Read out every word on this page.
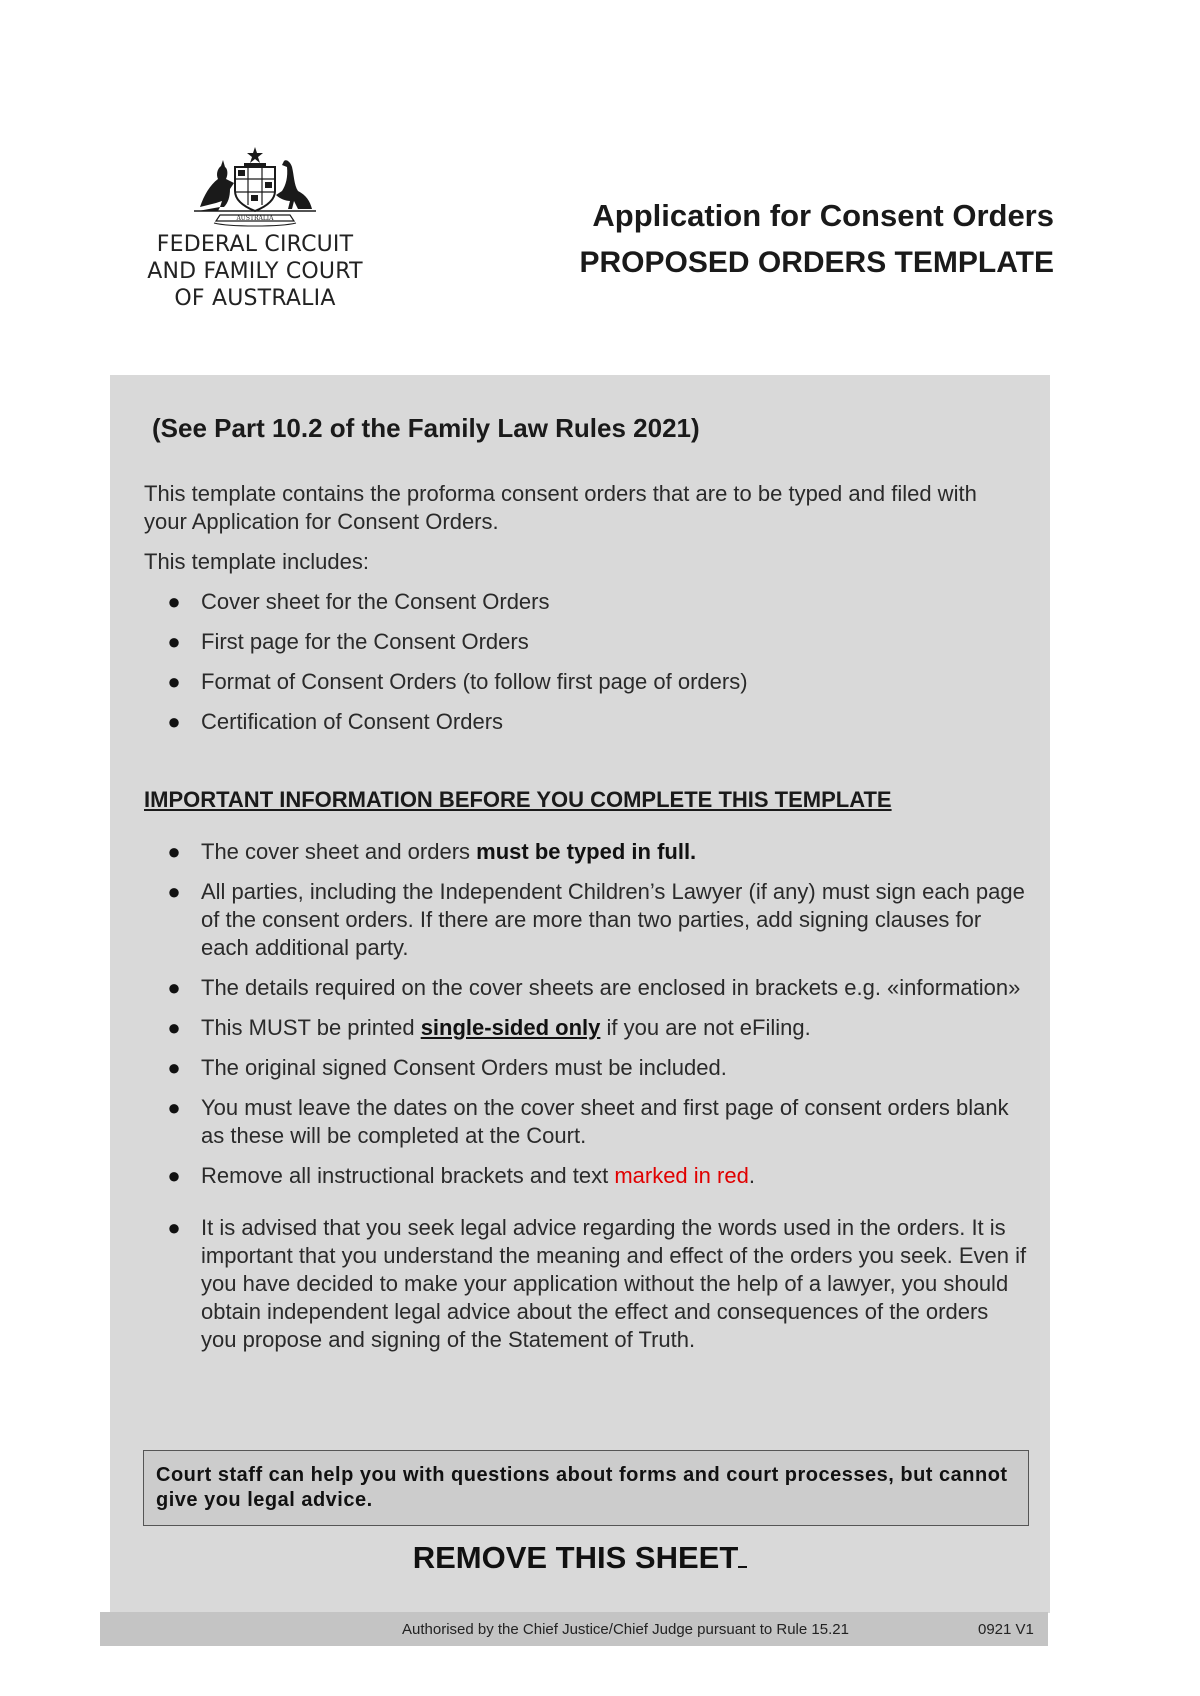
AUSTRALIA
FEDERAL CIRCUIT
AND FAMILY COURT
OF AUSTRALIA
Application for Consent Orders
PROPOSED ORDERS TEMPLATE
(See Part 10.2 of the Family Law Rules 2021)

This template contains the proforma consent orders that are to be typed and filed with your Application for Consent Orders.

This template includes:

● Cover sheet for the Consent Orders
● First page for the Consent Orders
● Format of Consent Orders (to follow first page of orders)
● Certification of Consent Orders
IMPORTANT INFORMATION BEFORE YOU COMPLETE THIS TEMPLATE
● The cover sheet and orders must be typed in full.
● All parties, including the Independent Children’s Lawyer (if any) must sign each page of the consent orders. If there are more than two parties, add signing clauses for each additional party.
● The details required on the cover sheets are enclosed in brackets e.g. «information»
● This MUST be printed single-sided only if you are not eFiling.
● The original signed Consent Orders must be included.
● You must leave the dates on the cover sheet and first page of consent orders blank as these will be completed at the Court.
● Remove all instructional brackets and text marked in red.
● It is advised that you seek legal advice regarding the words used in the orders. It is important that you understand the meaning and effect of the orders you seek. Even if you have decided to make your application without the help of a lawyer, you should obtain independent legal advice about the effect and consequences of the orders you propose and signing of the Statement of Truth.
Court staff can help you with questions about forms and court processes, but cannot give you legal advice.
REMOVE THIS SHEET
Authorised by the Chief Justice/Chief Judge pursuant to Rule 15.21	0921 V1
